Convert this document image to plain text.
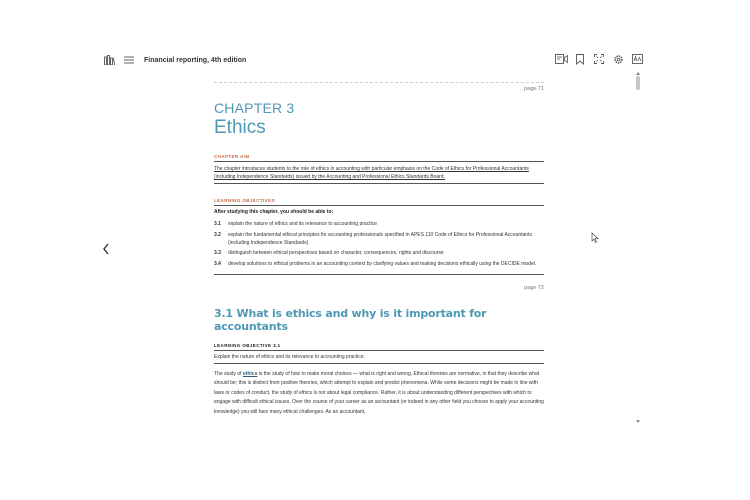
Financial reporting, 4th edition
page 71
CHAPTER 3
Ethics
CHAPTER AIM
The chapter introduces students to the role of ethics in accounting with particular emphasis on the Code of Ethics for Professional Accountants (including Independence Standards) issued by the Accounting and Professional Ethics Standards Board.
LEARNING OBJECTIVES
After studying this chapter, you should be able to:
3.1	explain the nature of ethics and its relevance to accounting practice
3.2	explain the fundamental ethical principles for accounting professionals specified in APES 110 Code of Ethics for Professional Accountants (including Independence Standards)
3.3	distinguish between ethical perspectives based on character, consequences, rights and discourse
3.4	develop solutions to ethical problems in an accounting context by clarifying values and making decisions ethically using the DECIDE model.
page 72
3.1 What is ethics and why is it important for accountants
LEARNING OBJECTIVE 3.1
Explain the nature of ethics and its relevance to accounting practice.
The study of ethics is the study of how to make moral choices — what is right and wrong. Ethical theories are normative, in that they describe what should be; this is distinct from positive theories, which attempt to explain and predict phenomena. While some decisions might be made in line with laws or codes of conduct, the study of ethics is not about legal compliance. Rather, it is about understanding different perspectives with which to engage with difficult ethical issues. Over the course of your career as an accountant (or indeed in any other field you choose to apply your accounting knowledge) you will face many ethical challenges. As an accountant,
